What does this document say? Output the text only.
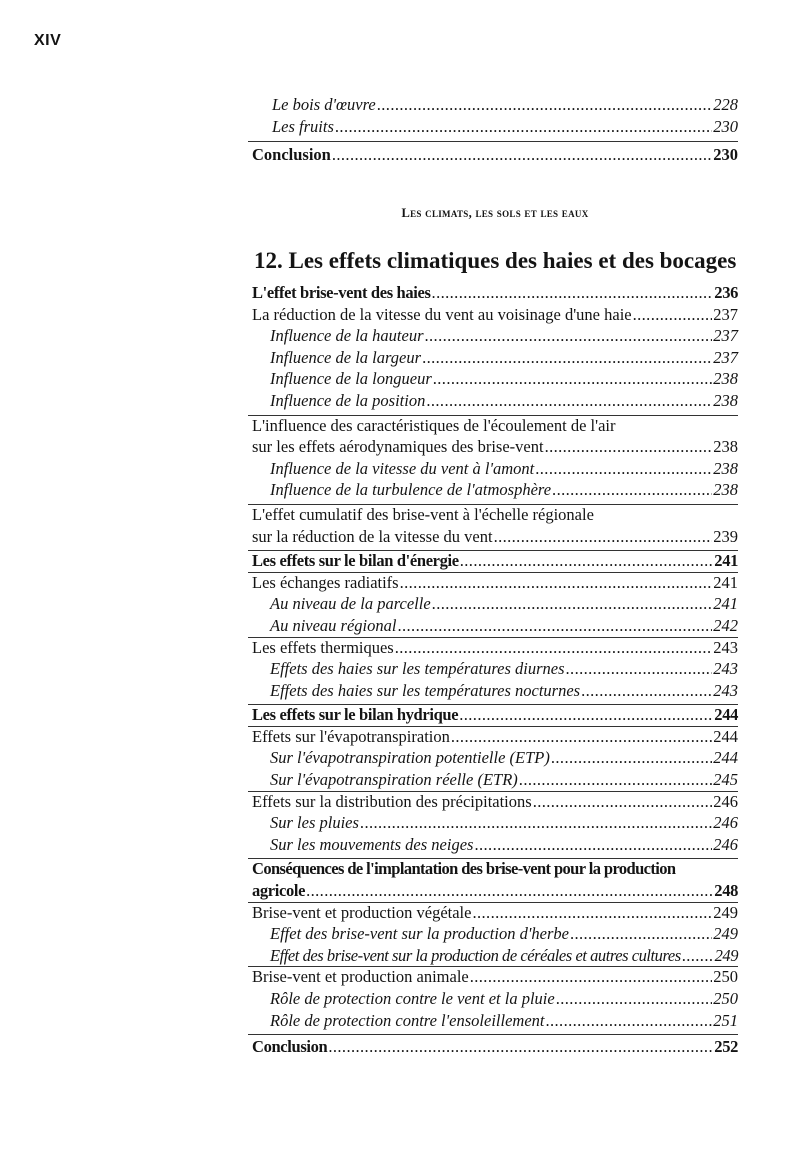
XIV
Le bois d'œuvre .....	228
Les fruits .....	230
Conclusion .....	230
Les climats, les sols et les eaux
12. Les effets climatiques des haies et des bocages
L'effet brise-vent des haies .....	236
La réduction de la vitesse du vent au voisinage d'une haie .....	237
Influence de la hauteur .....	237
Influence de la largeur .....	237
Influence de la longueur .....	238
Influence de la position .....	238
L'influence des caractéristiques de l'écoulement de l'air
sur les effets aérodynamiques des brise-vent .....	238
Influence de la vitesse du vent à l'amont .....	238
Influence de la turbulence de l'atmosphère .....	238
L'effet cumulatif des brise-vent à l'échelle régionale
sur la réduction de la vitesse du vent .....	239
Les effets sur le bilan d'énergie .....	241
Les échanges radiatifs .....	241
Au niveau de la parcelle .....	241
Au niveau régional .....	242
Les effets thermiques .....	243
Effets des haies sur les températures diurnes .....	243
Effets des haies sur les températures nocturnes .....	243
Les effets sur le bilan hydrique .....	244
Effets sur l'évapotranspiration .....	244
Sur l'évapotranspiration potentielle (ETP) .....	244
Sur l'évapotranspiration réelle (ETR) .....	245
Effets sur la distribution des précipitations .....	246
Sur les pluies .....	246
Sur les mouvements des neiges .....	246
Conséquences de l'implantation des brise-vent pour la production
agricole .....	248
Brise-vent et production végétale .....	249
Effet des brise-vent sur la production d'herbe .....	249
Effet des brise-vent sur la production de céréales et autres cultures ..... 249
Brise-vent et production animale .....	250
Rôle de protection contre le vent et la pluie .....	250
Rôle de protection contre l'ensoleillement .....	251
Conclusion .....	252
